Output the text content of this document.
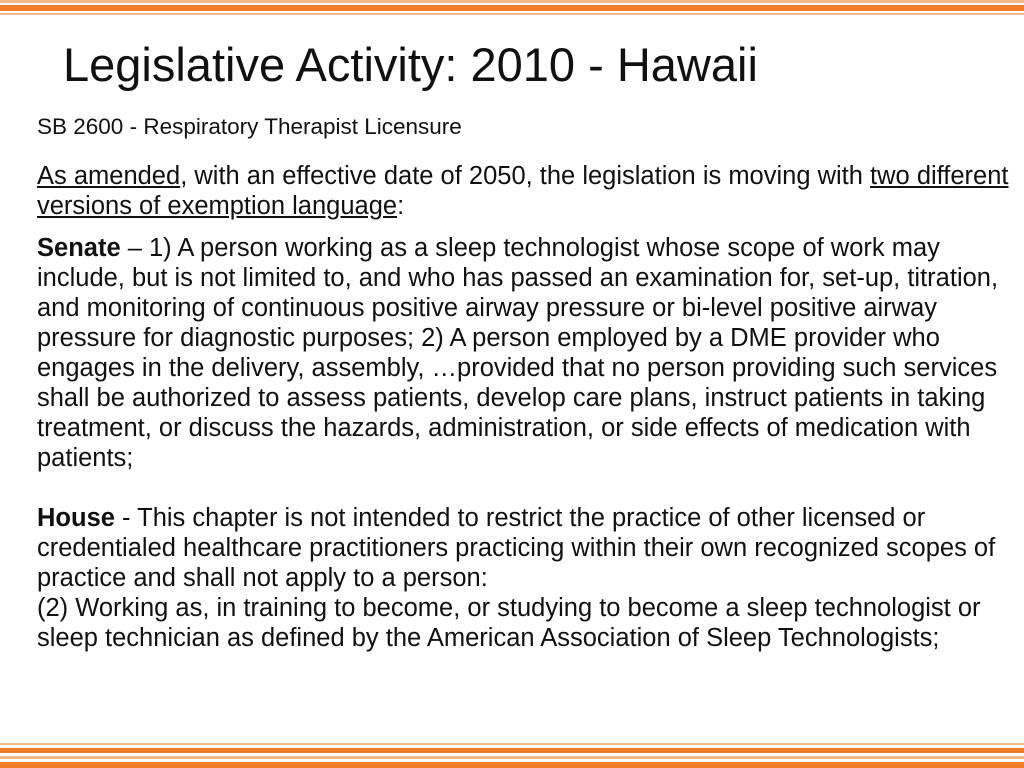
Legislative Activity: 2010 - Hawaii

SB 2600 - Respiratory Therapist Licensure

As amended, with an effective date of 2050, the legislation is moving with two different versions of exemption language:

Senate – 1) A person working as a sleep technologist whose scope of work may include, but is not limited to, and who has passed an examination for, set-up, titration, and monitoring of continuous positive airway pressure or bi-level positive airway pressure for diagnostic purposes; 2) A person employed by a DME provider who engages in the delivery, assembly, …provided that no person providing such services shall be authorized to assess patients, develop care plans, instruct patients in taking treatment, or discuss the hazards, administration, or side effects of medication with patients;

House - This chapter is not intended to restrict the practice of other licensed or credentialed healthcare practitioners practicing within their own recognized scopes of practice and shall not apply to a person:

(2) Working as, in training to become, or studying to become a sleep technologist or sleep technician as defined by the American Association of Sleep Technologists;
